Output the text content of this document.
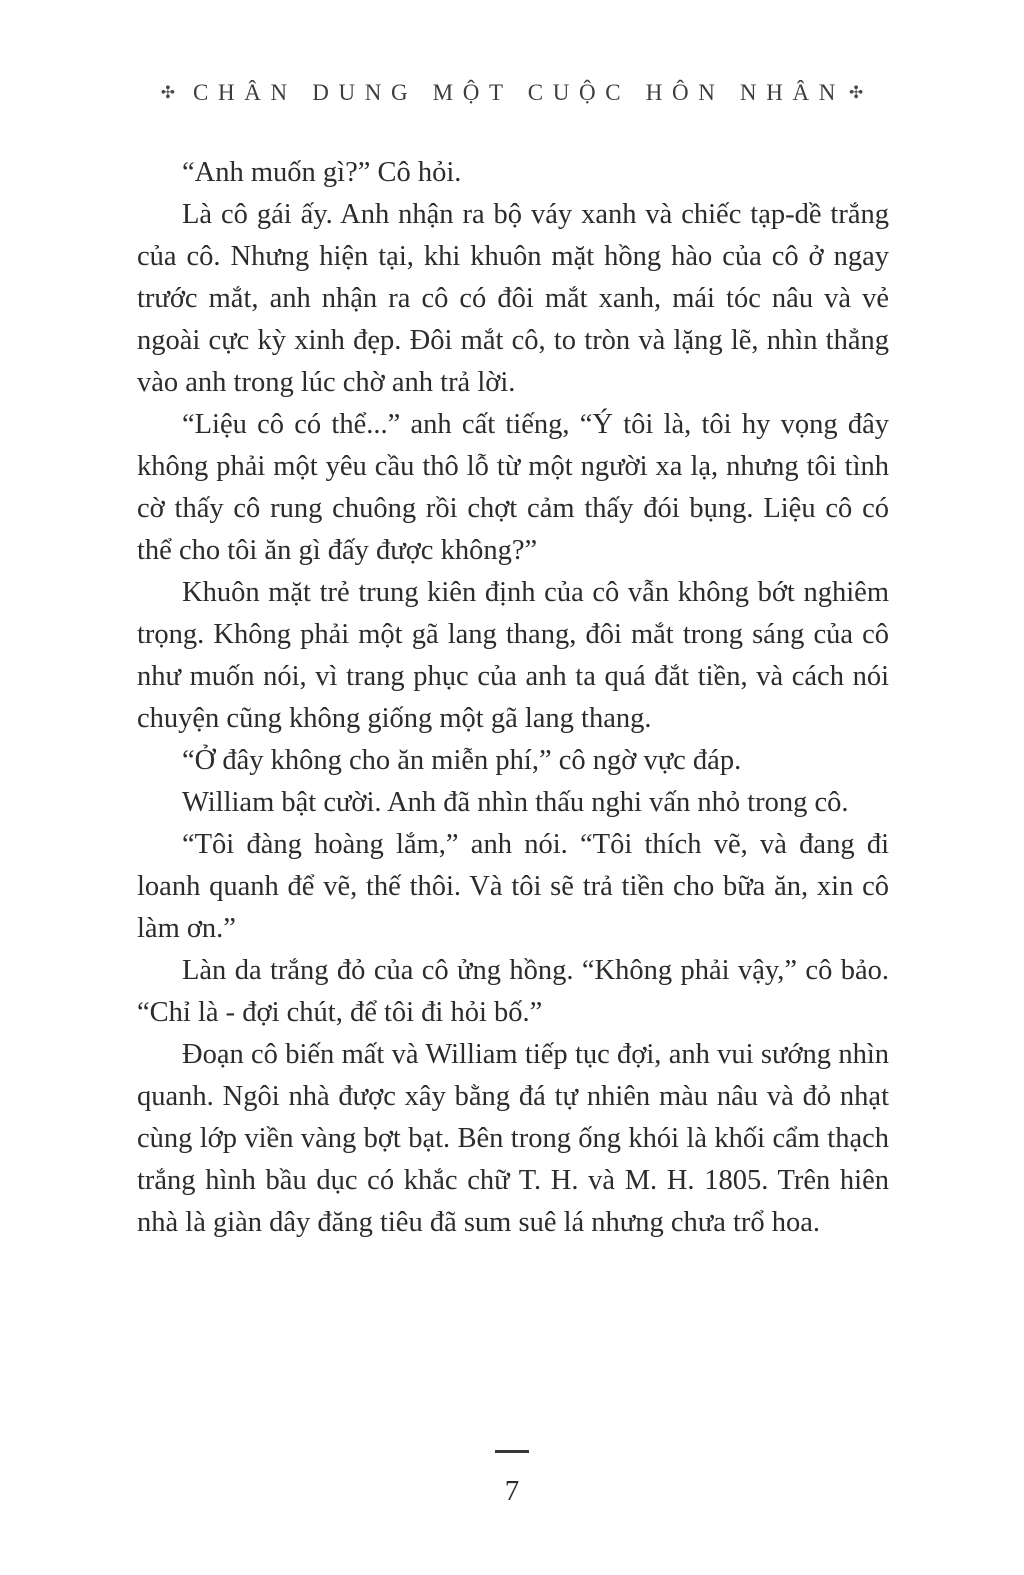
✣ CHÂN DUNG MỘT CUỘC HÔN NHÂN ✣

“Anh muốn gì?” Cô hỏi.

Là cô gái ấy. Anh nhận ra bộ váy xanh và chiếc tạp-dề trắng của cô. Nhưng hiện tại, khi khuôn mặt hồng hào của cô ở ngay trước mắt, anh nhận ra cô có đôi mắt xanh, mái tóc nâu và vẻ ngoài cực kỳ xinh đẹp. Đôi mắt cô, to tròn và lặng lẽ, nhìn thẳng vào anh trong lúc chờ anh trả lời.

“Liệu cô có thể...” anh cất tiếng, “Ý tôi là, tôi hy vọng đây không phải một yêu cầu thô lỗ từ một người xa lạ, nhưng tôi tình cờ thấy cô rung chuông rồi chợt cảm thấy đói bụng. Liệu cô có thể cho tôi ăn gì đấy được không?”

Khuôn mặt trẻ trung kiên định của cô vẫn không bớt nghiêm trọng. Không phải một gã lang thang, đôi mắt trong sáng của cô như muốn nói, vì trang phục của anh ta quá đắt tiền, và cách nói chuyện cũng không giống một gã lang thang.

“Ở đây không cho ăn miễn phí,” cô ngờ vực đáp.

William bật cười. Anh đã nhìn thấu nghi vấn nhỏ trong cô.

“Tôi đàng hoàng lắm,” anh nói. “Tôi thích vẽ, và đang đi loanh quanh để vẽ, thế thôi. Và tôi sẽ trả tiền cho bữa ăn, xin cô làm ơn.”

Làn da trắng đỏ của cô ửng hồng. “Không phải vậy,” cô bảo. “Chỉ là - đợi chút, để tôi đi hỏi bố.”

Đoạn cô biến mất và William tiếp tục đợi, anh vui sướng nhìn quanh. Ngôi nhà được xây bằng đá tự nhiên màu nâu và đỏ nhạt cùng lớp viền vàng bợt bạt. Bên trong ống khói là khối cẩm thạch trắng hình bầu dục có khắc chữ T. H. và M. H. 1805. Trên hiên nhà là giàn dây đăng tiêu đã sum suê lá nhưng chưa trổ hoa.

7
